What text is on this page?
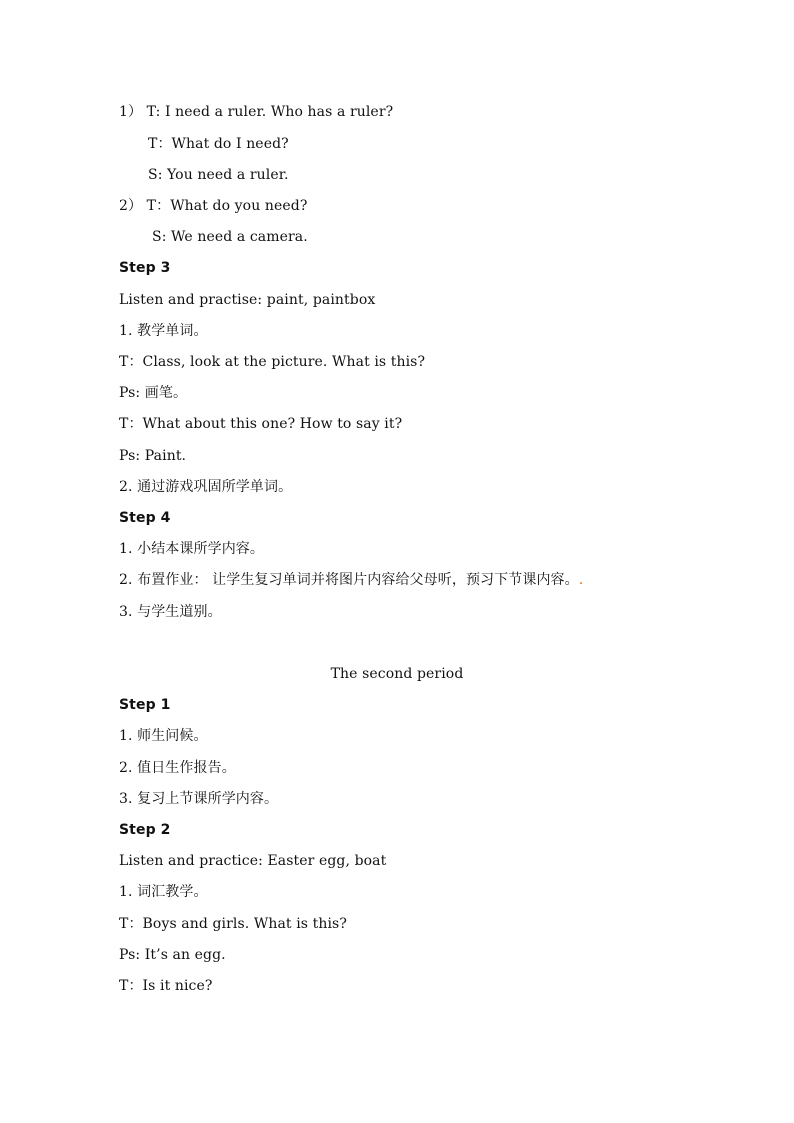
1） T: I need a ruler. Who has a ruler?
T：What do I need?
S: You need a ruler.
2） T：What do you need?
S: We need a camera.
Step 3
Listen and practise: paint, paintbox
1. 教学单词。
T：Class, look at the picture. What is this?
Ps: 画笔。
T：What about this one? How to say it?
Ps: Paint.
2. 通过游戏巩固所学单词。
Step 4
1. 小结本课所学内容。
2. 布置作业： 让学生复习单词并将图片内容给父母听，预习下节课内容。.
3. 与学生道别。
The second period
Step 1
1. 师生问候。
2. 值日生作报告。
3. 复习上节课所学内容。
Step 2
Listen and practice: Easter egg, boat
1. 词汇教学。
T：Boys and girls. What is this?
Ps: It’s an egg.
T：Is it nice?
